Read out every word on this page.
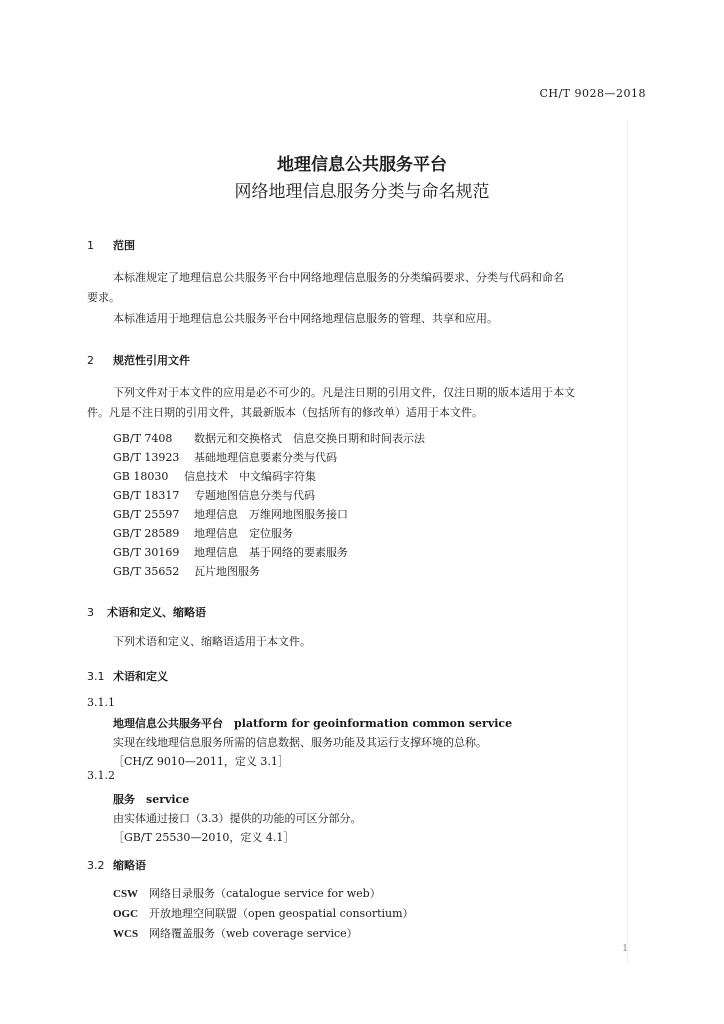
CH/T 9028—2018
地理信息公共服务平台
网络地理信息服务分类与命名规范
1 范围
本标准规定了地理信息公共服务平台中网络地理信息服务的分类编码要求、分类与代码和命名
要求。
本标准适用于地理信息公共服务平台中网络地理信息服务的管理、共享和应用。
2 规范性引用文件
下列文件对于本文件的应用是必不可少的。凡是注日期的引用文件，仅注日期的版本适用于本文
件。凡是不注日期的引用文件，其最新版本（包括所有的修改单）适用于本文件。
GB/T 7408　 数据元和交换格式　信息交换日期和时间表示法
GB/T 13923　 基础地理信息要素分类与代码
GB 18030　 信息技术　中文编码字符集
GB/T 18317　 专题地图信息分类与代码
GB/T 25597　 地理信息　万维网地图服务接口
GB/T 28589　 地理信息　定位服务
GB/T 30169　 地理信息　基于网络的要素服务
GB/T 35652　 瓦片地图服务
3 术语和定义、缩略语
下列术语和定义、缩略语适用于本文件。
3.1 术语和定义
3.1.1
地理信息公共服务平台　platform for geoinformation common service
实现在线地理信息服务所需的信息数据、服务功能及其运行支撑环境的总称。
［CH/Z 9010—2011，定义 3.1］
3.1.2
服务　service
由实体通过接口（3.3）提供的功能的可区分部分。
［GB/T 25530—2010，定义 4.1］
3.2 缩略语
CSW 网络目录服务（catalogue service for web）
OGC 开放地理空间联盟（open geospatial consortium）
WCS 网络覆盖服务（web coverage service）
1
